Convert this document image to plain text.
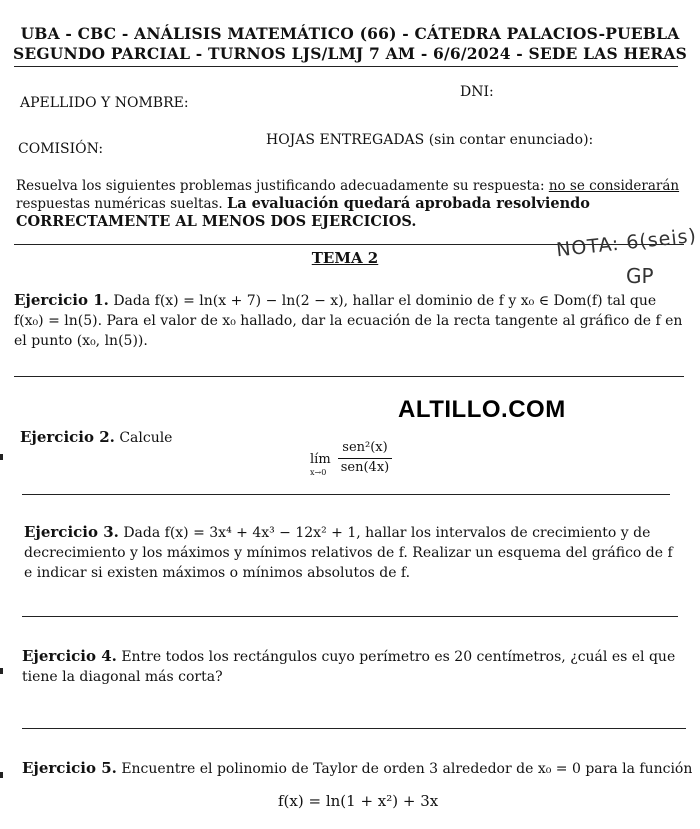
UBA - CBC - ANÁLISIS MATEMÁTICO (66) - CÁTEDRA PALACIOS-PUEBLA
SEGUNDO PARCIAL - TURNOS LJS/LMJ 7 AM - 6/6/2024 - SEDE LAS HERAS
DNI:
APELLIDO Y NOMBRE:
HOJAS ENTREGADAS (sin contar enunciado):
COMISIÓN:
Resuelva los siguientes problemas justificando adecuadamente su respuesta: no se considerarán respuestas numéricas sueltas. La evaluación quedará aprobada resolviendo CORRECTAMENTE AL MENOS DOS EJERCICIOS.
TEMA 2	NOTA: 6(seis)
GP
Ejercicio 1. Dada f(x) = ln(x + 7) − ln(2 − x), hallar el dominio de f y x₀ ∈ Dom(f) tal que f(x₀) = ln(5). Para el valor de x₀ hallado, dar la ecuación de la recta tangente al gráfico de f en el punto (x₀, ln(5)).
ALTILLO.COM
Ejercicio 2. Calcule
lím
x→0
sen²(x)
sen(4x)
Ejercicio 3. Dada f(x) = 3x⁴ + 4x³ − 12x² + 1, hallar los intervalos de crecimiento y de decrecimiento y los máximos y mínimos relativos de f. Realizar un esquema del gráfico de f e indicar si existen máximos o mínimos absolutos de f.
Ejercicio 4. Entre todos los rectángulos cuyo perímetro es 20 centímetros, ¿cuál es el que tiene la diagonal más corta?
Ejercicio 5. Encuentre el polinomio de Taylor de orden 3 alrededor de x₀ = 0 para la función
f(x) = ln(1 + x²) + 3x
